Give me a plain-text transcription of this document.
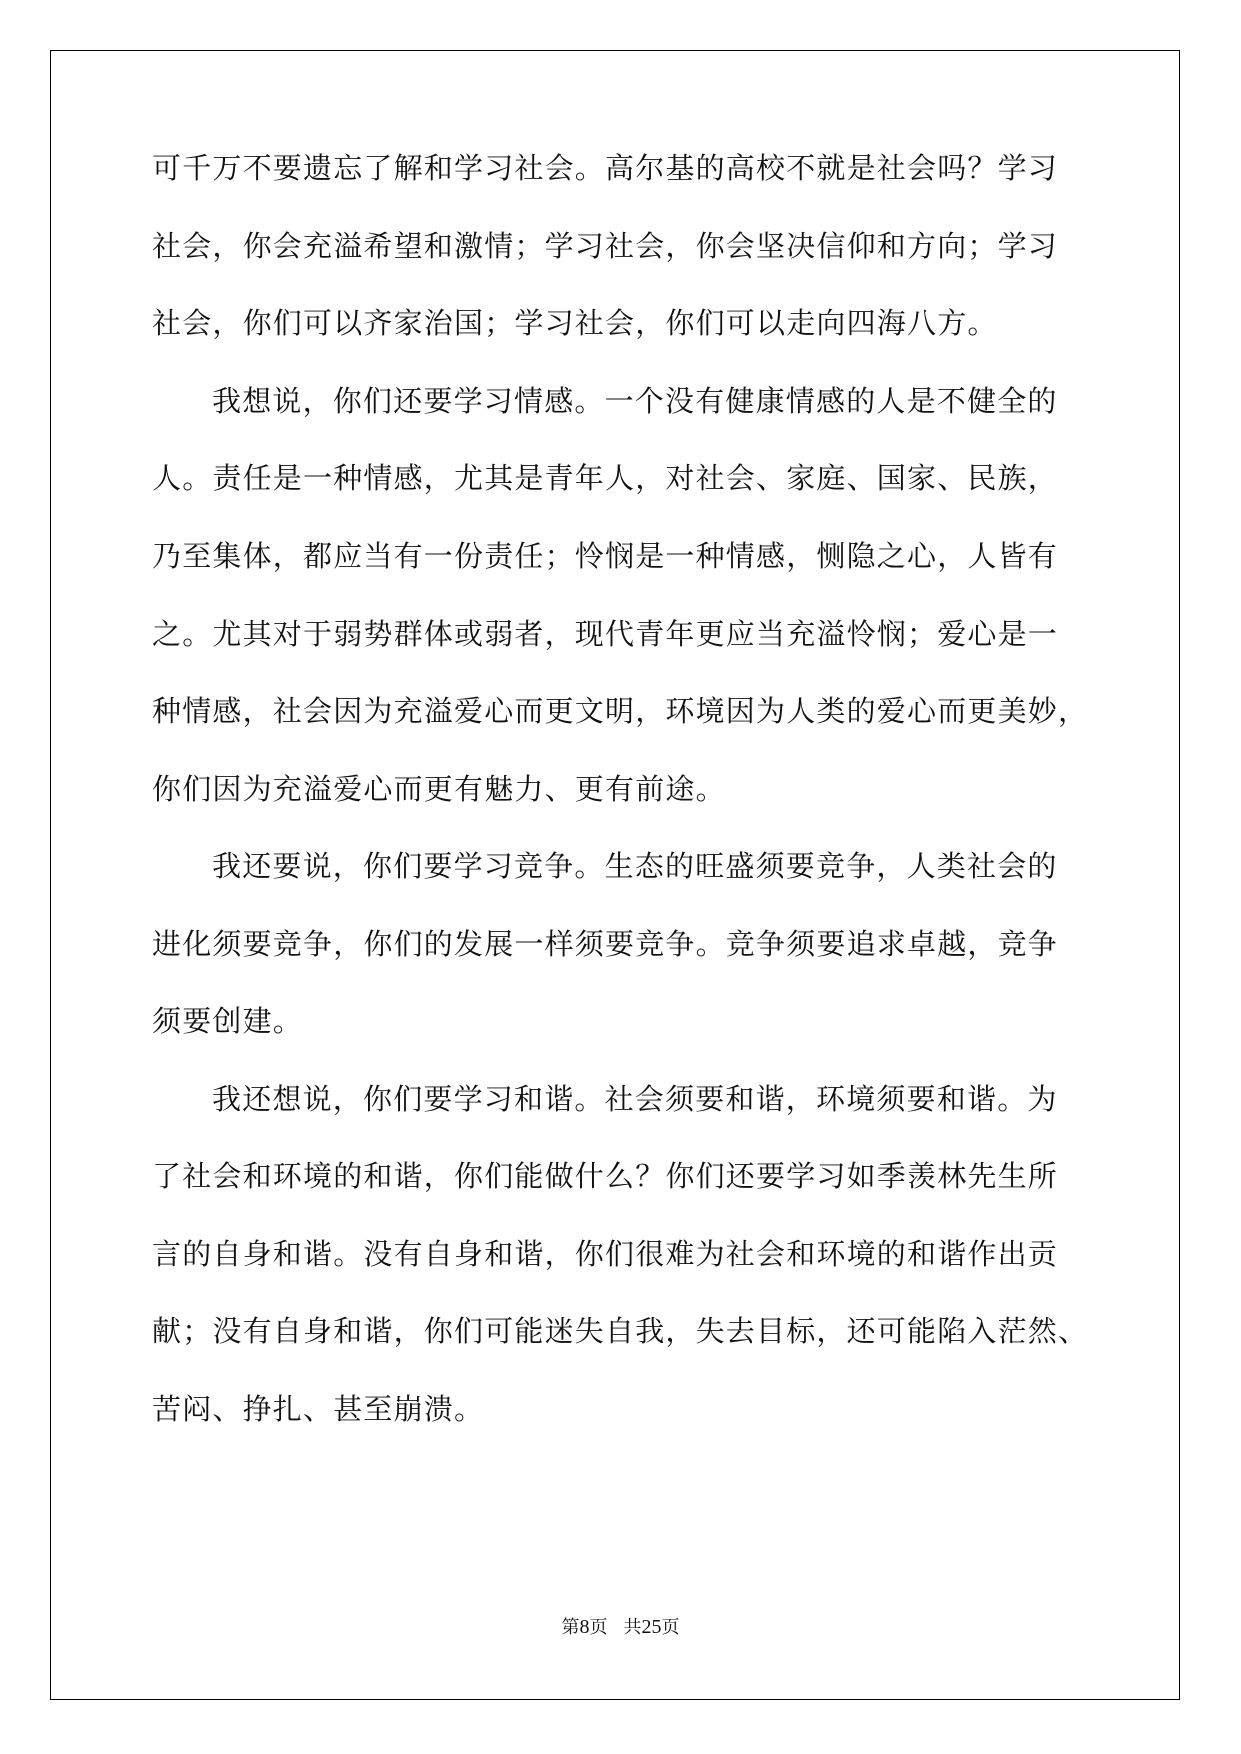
可千万不要遗忘了解和学习社会。高尔基的高校不就是社会吗？学习
社会，你会充溢希望和激情；学习社会，你会坚决信仰和方向；学习
社会，你们可以齐家治国；学习社会，你们可以走向四海八方。
我想说，你们还要学习情感。一个没有健康情感的人是不健全的
人。责任是一种情感，尤其是青年人，对社会、家庭、国家、民族，
乃至集体，都应当有一份责任；怜悯是一种情感，恻隐之心，人皆有
之。尤其对于弱势群体或弱者，现代青年更应当充溢怜悯；爱心是一
种情感，社会因为充溢爱心而更文明，环境因为人类的爱心而更美妙，
你们因为充溢爱心而更有魅力、更有前途。
我还要说，你们要学习竞争。生态的旺盛须要竞争，人类社会的
进化须要竞争，你们的发展一样须要竞争。竞争须要追求卓越，竞争
须要创建。
我还想说，你们要学习和谐。社会须要和谐，环境须要和谐。为
了社会和环境的和谐，你们能做什么？你们还要学习如季羡林先生所
言的自身和谐。没有自身和谐，你们很难为社会和环境的和谐作出贡
献；没有自身和谐，你们可能迷失自我，失去目标，还可能陷入茫然、
苦闷、挣扎、甚至崩溃。
第8页 共25页
